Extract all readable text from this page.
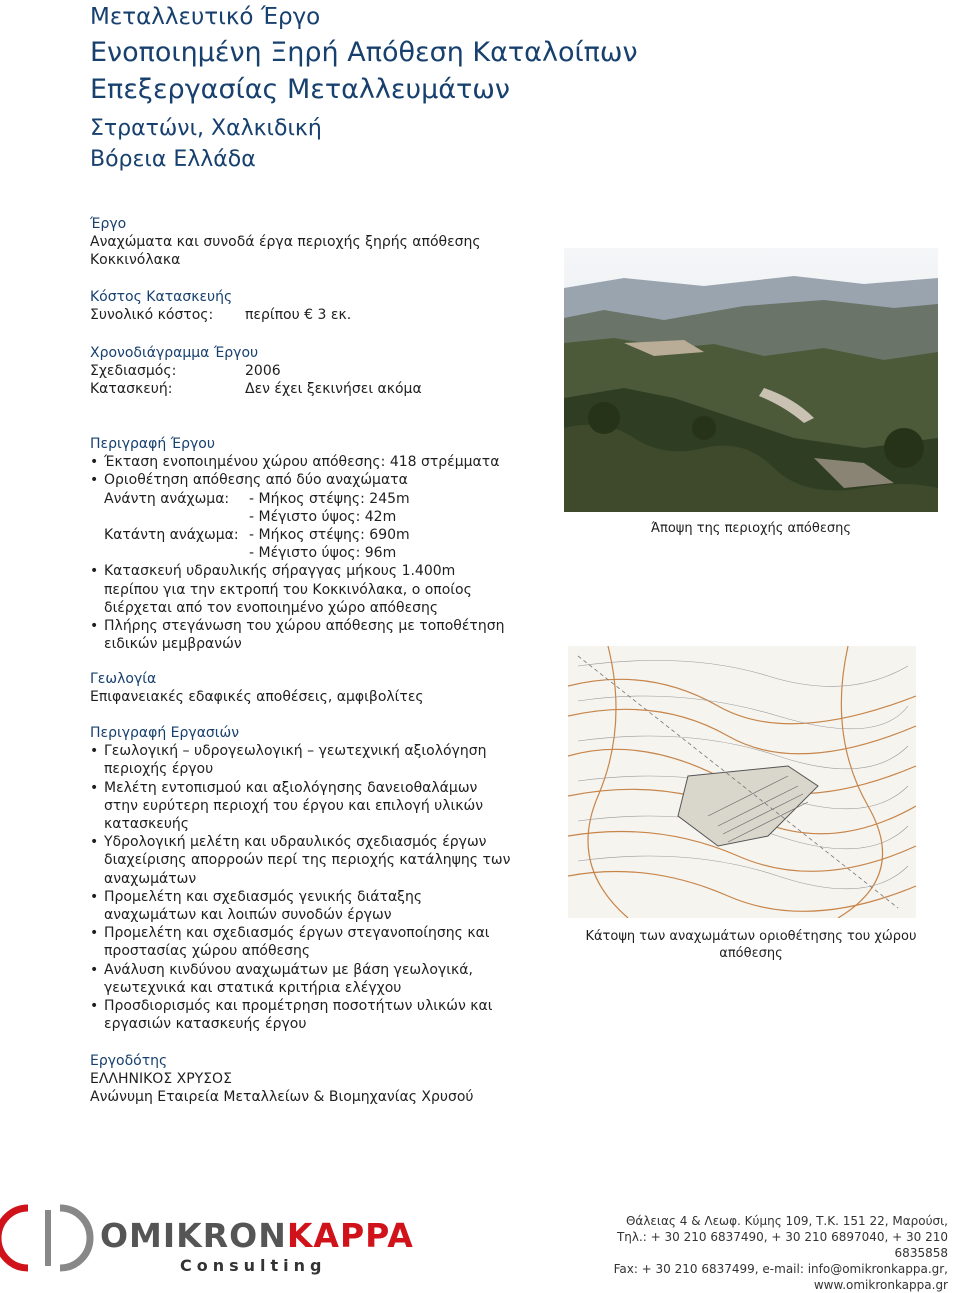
Μεταλλευτικό Έργο
Ενοποιημένη Ξηρή Απόθεση Καταλοίπων
Επεξεργασίας Μεταλλευμάτων
Στρατώνι, Χαλκιδική
Βόρεια Ελλάδα
Έργο
Αναχώματα και συνοδά έργα περιοχής ξηρής απόθεσης
Κοκκινόλακα
Κόστος Κατασκευής
Συνολικό κόστος:	περίπου € 3 εκ.
Χρονοδιάγραμμα Έργου
Σχεδιασμός:	2006
Κατασκευή:	Δεν έχει ξεκινήσει ακόμα
Περιγραφή Έργου
• Έκταση ενοποιημένου χώρου απόθεσης: 418 στρέμματα
• Οριοθέτηση απόθεσης από δύο αναχώματα
Ανάντη ανάχωμα:	- Μήκος στέψης: 245m
- Μέγιστο ύψος: 42m
Κατάντη ανάχωμα: - Μήκος στέψης: 690m
- Μέγιστο ύψος: 96m
• Κατασκευή υδραυλικής σήραγγας μήκους 1.400m
περίπου για την εκτροπή του Κοκκινόλακα, ο οποίος
διέρχεται από τον ενοποιημένο χώρο απόθεσης
• Πλήρης στεγάνωση του χώρου απόθεσης με τοποθέτηση
ειδικών μεμβρανών
Γεωλογία
Επιφανειακές εδαφικές αποθέσεις, αμφιβολίτες
Περιγραφή Εργασιών
• Γεωλογική – υδρογεωλογική – γεωτεχνική αξιολόγηση
περιοχής έργου
• Μελέτη εντοπισμού και αξιολόγησης δανειοθαλάμων
στην ευρύτερη περιοχή του έργου και επιλογή υλικών
κατασκευής
• Υδρολογική μελέτη και υδραυλικός σχεδιασμός έργων
διαχείρισης απορροών περί της περιοχής κατάληψης των
αναχωμάτων
• Προμελέτη και σχεδιασμός γενικής διάταξης
αναχωμάτων και λοιπών συνοδών έργων
• Προμελέτη και σχεδιασμός έργων στεγανοποίησης και
προστασίας χώρου απόθεσης
• Ανάλυση κινδύνου αναχωμάτων με βάση γεωλογικά,
γεωτεχνικά και στατικά κριτήρια ελέγχου
• Προσδιορισμός και προμέτρηση ποσοτήτων υλικών και
εργασιών κατασκευής έργου
Εργοδότης
ΕΛΛΗΝΙΚΟΣ ΧΡΥΣΟΣ
Ανώνυμη Εταιρεία Μεταλλείων & Βιομηχανίας Χρυσού
Άποψη της περιοχής απόθεσης
Κάτοψη των αναχωμάτων οριοθέτησης του χώρου
απόθεσης
OMIKRONKAPPA
Consulting
Θάλειας 4 & Λεωφ. Κύμης 109, Τ.Κ. 151 22, Μαρούσι,
Τηλ.: + 30 210 6837490, + 30 210 6897040, + 30 210 6835858
Fax: + 30 210 6837499, e-mail: info@omikronkappa.gr, www.omikronkappa.gr
